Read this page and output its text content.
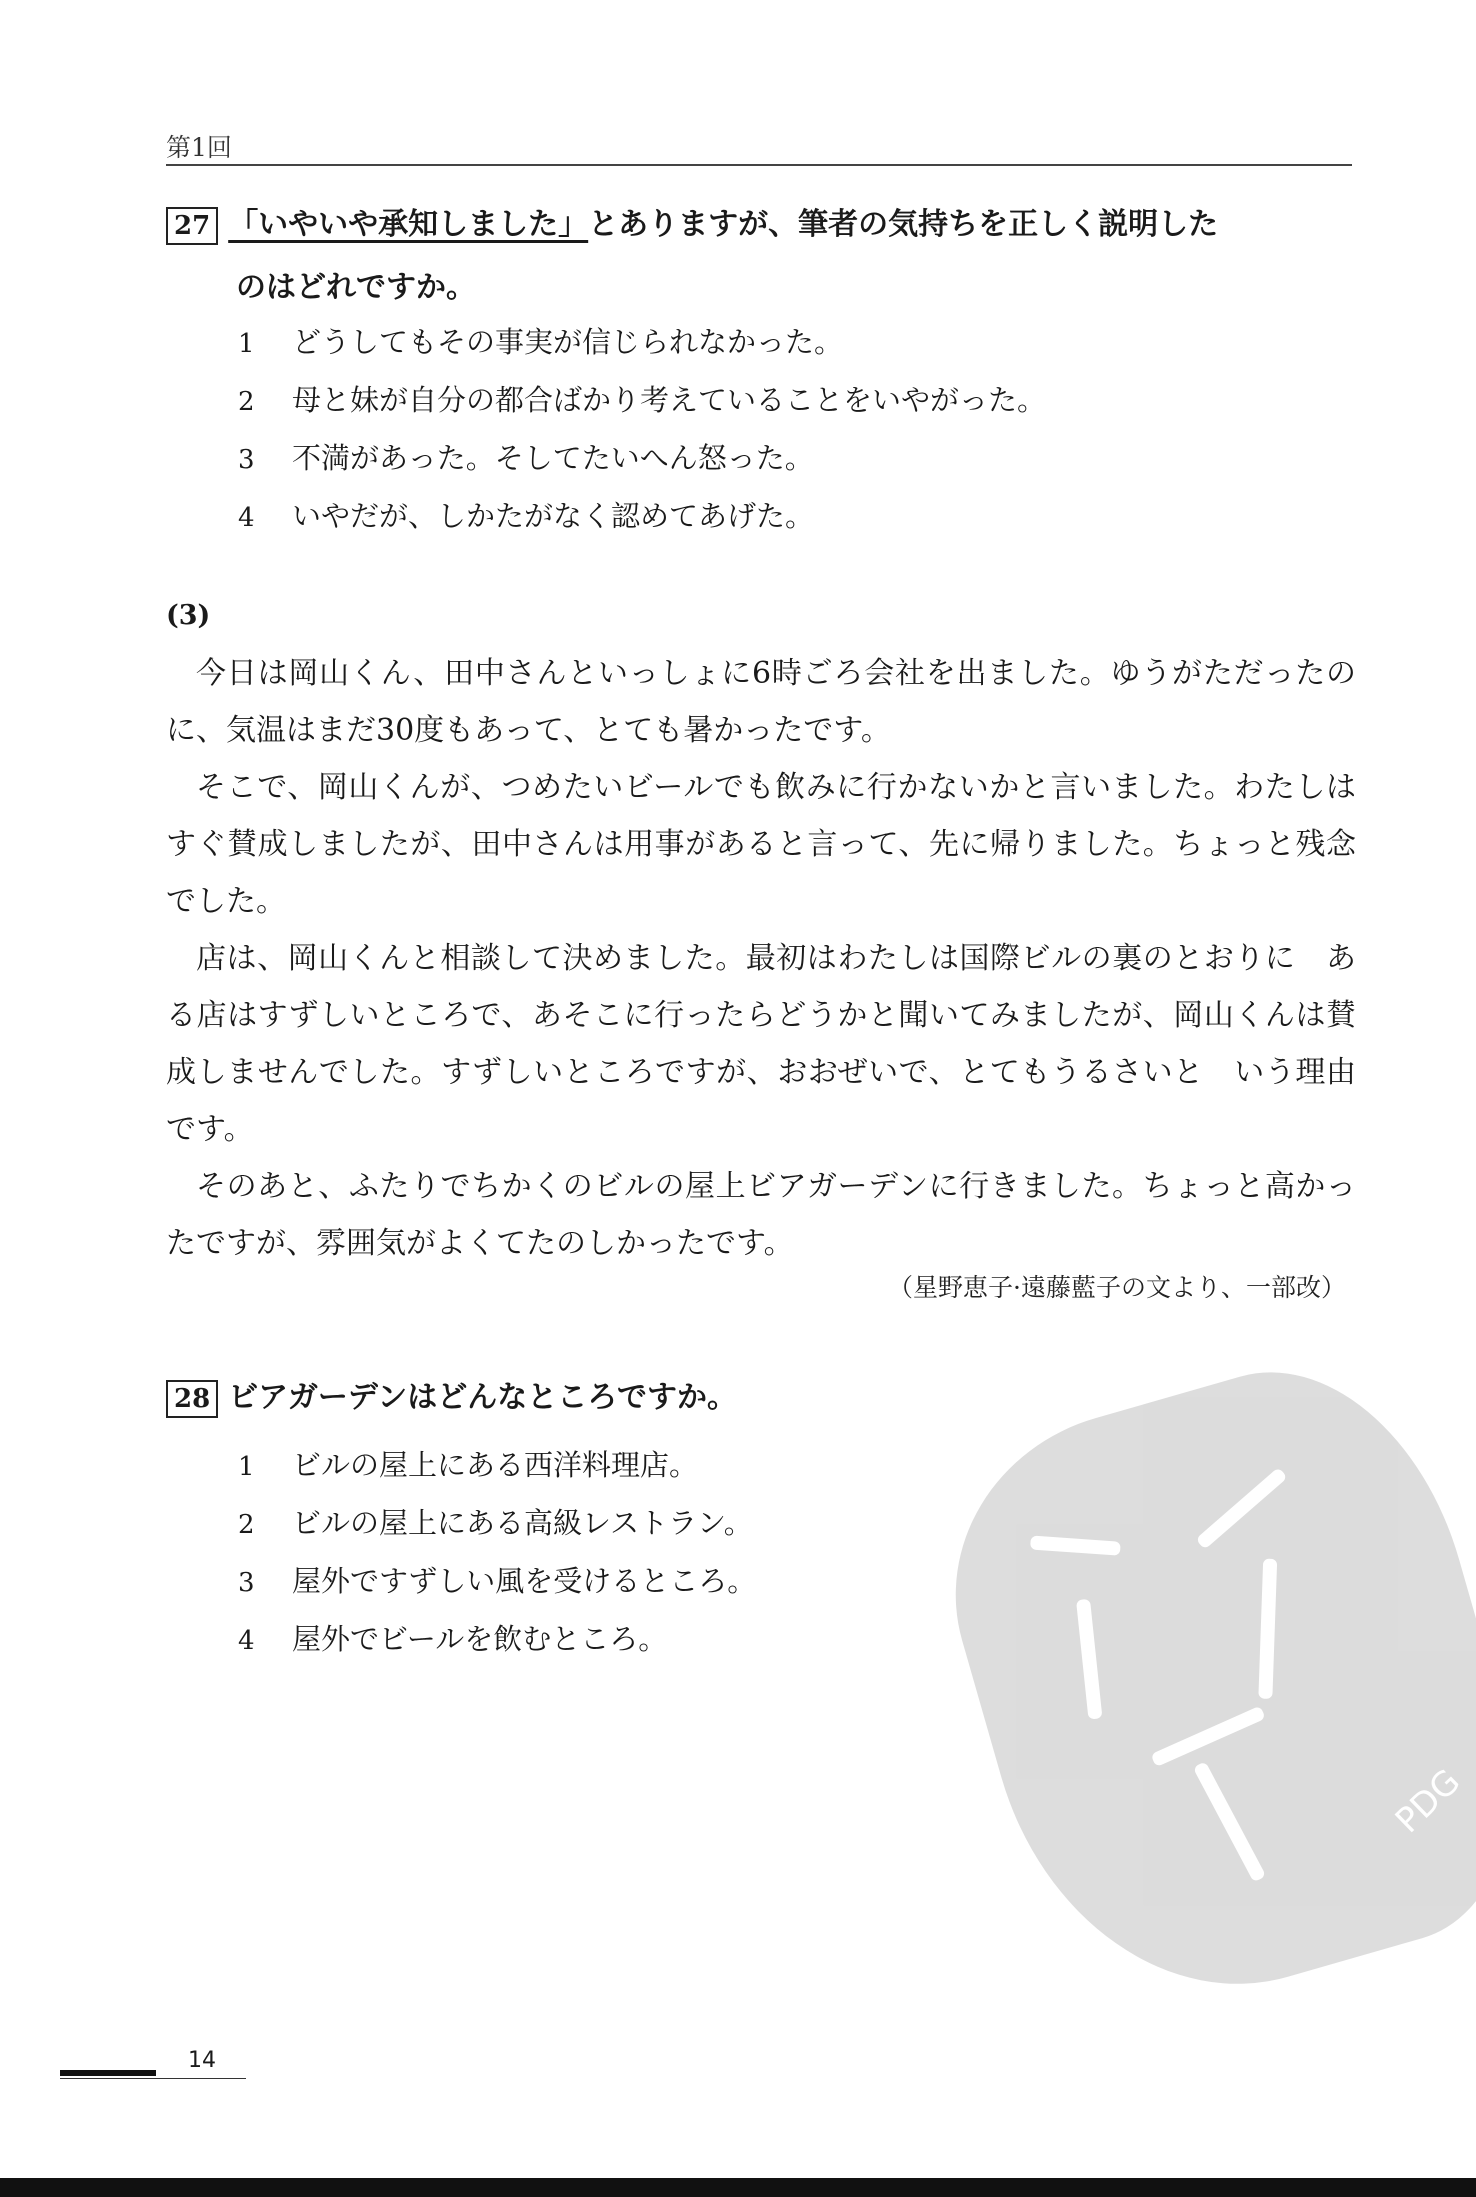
第1回
27 「いやいや承知しました」とありますが、筆者の気持ちを正しく説明した
のはどれですか。
1 どうしてもその事実が信じられなかった。
2 母と妹が自分の都合ばかり考えていることをいやがった。
3 不満があった。そしてたいへん怒った。
4 いやだが、しかたがなく認めてあげた。
(3)

今日は岡山くん、田中さんといっしょに6時ごろ会社を出ました。ゆうがただったのに、気温はまだ30度もあって、とても暑かったです。

そこで、岡山くんが、つめたいビールでも飲みに行かないかと言いました。わたしはすぐ賛成しましたが、田中さんは用事があると言って、先に帰りました。ちょっと残念でした。

店は、岡山くんと相談して決めました。最初はわたしは国際ビルの裏のとおりに　ある店はすずしいところで、あそこに行ったらどうかと聞いてみましたが、岡山くんは賛成しませんでした。すずしいところですが、おおぜいで、とてもうるさいと　いう理由です。

そのあと、ふたりでちかくのビルの屋上ビアガーデンに行きました。ちょっと高かったですが、雰囲気がよくてたのしかったです。

（星野恵子·遠藤藍子の文より、一部改）
28 ビアガーデンはどんなところですか。
1 ビルの屋上にある西洋料理店。
2 ビルの屋上にある高級レストラン。
3 屋外ですずしい風を受けるところ。
4 屋外でビールを飲むところ。
PDG
14
